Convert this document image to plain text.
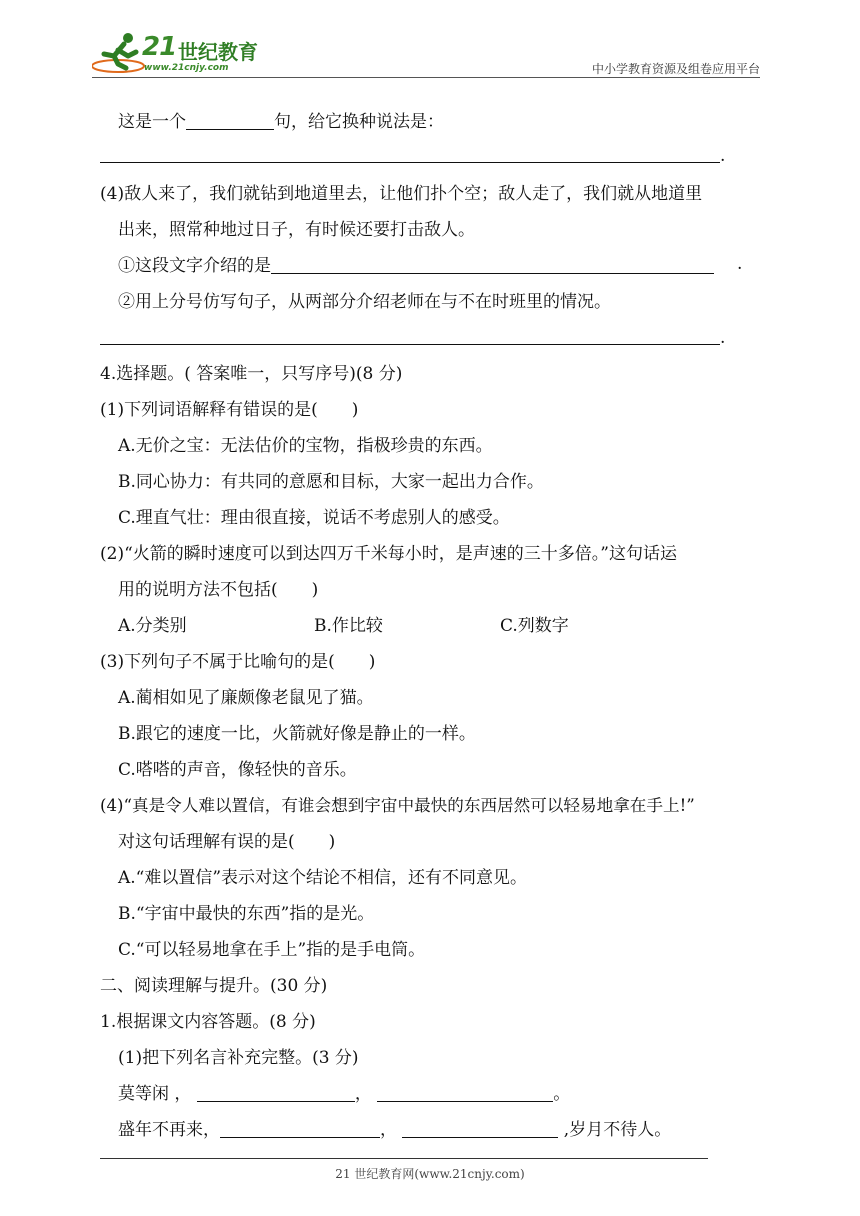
21 世纪教育
www.21cnjy.com	中小学教育资源及组卷应用平台
这是一个	句，给它换种说法是：
.
(4)敌人来了，我们就钻到地道里去，让他们扑个空；敌人走了，我们就从地道里
出来，照常种地过日子，有时候还要打击敌人。
①这段文字介绍的是	.
②用上分号仿写句子，从两部分介绍老师在与不在时班里的情况。
.
4.选择题。( 答案唯一，只写序号)(8 分)
(1)下列词语解释有错误的是(　　)
A.无价之宝：无法估价的宝物，指极珍贵的东西。
B.同心协力：有共同的意愿和目标，大家一起出力合作。
C.理直气壮：理由很直接，说话不考虑别人的感受。
(2)“火箭的瞬时速度可以到达四万千米每小时，是声速的三十多倍。”这句话运
用的说明方法不包括(　　)
A.分类别	B.作比较	C.列数字
(3)下列句子不属于比喻句的是(　　)
A.蔺相如见了廉颇像老鼠见了猫。
B.跟它的速度一比，火箭就好像是静止的一样。
C.嗒嗒的声音，像轻快的音乐。
(4)“真是令人难以置信，有谁会想到宇宙中最快的东西居然可以轻易地拿在手上!”
对这句话理解有误的是(　　)
A.“难以置信”表示对这个结论不相信，还有不同意见。
B.“宇宙中最快的东西”指的是光。
C.“可以轻易地拿在手上”指的是手电筒。
二、阅读理解与提升。(30 分)
1.根据课文内容答题。(8 分)
(1)把下列名言补充完整。(3 分)
莫等闲 ，	，	。
盛年不再来，	，	,岁月不待人。
21 世纪教育网(www.21cnjy.com)
